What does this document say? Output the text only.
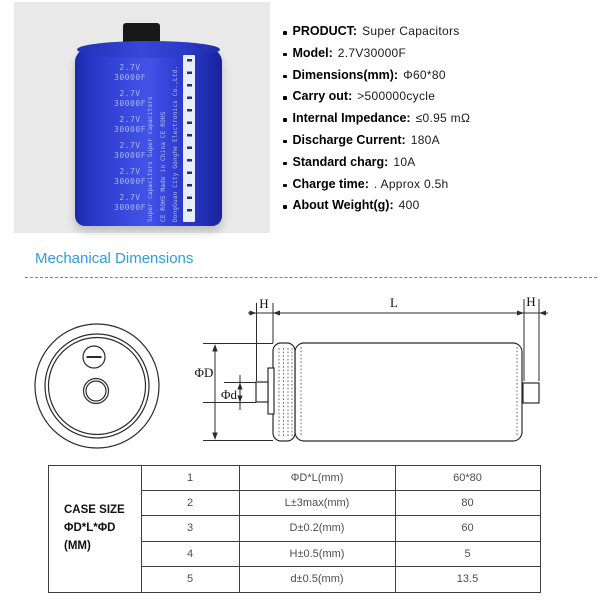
2.7V
30000F
2.7V
30000F
2.7V
30000F
2.7V
30000F
2.7V
30000F
2.7V
30000F Super capacitors Super capacitors CE ROHS Made in China CE ROHS DongGuan City Gonghe Electronics Co.,Ltd.
PRODUCT: Super Capacitors
Model: 2.7V30000F
Dimensions(mm): Φ60*80
Carry out: >500000cycle
Internal Impedance: ≤0.95 mΩ
Discharge Current: 180A
Standard charg: 10A
Charge time: . Approx 0.5h
About Weight(g): 400
Mechanical Dimensions
ΦD
Φd
H	L	H
CASE SIZE
ΦD*L*ΦD
(MM)
1	ΦD*L(mm)	60*80
2	L±3max(mm)	80
3	D±0.2(mm)	60
4	H±0.5(mm)	5
5	d±0.5(mm)	13.5
